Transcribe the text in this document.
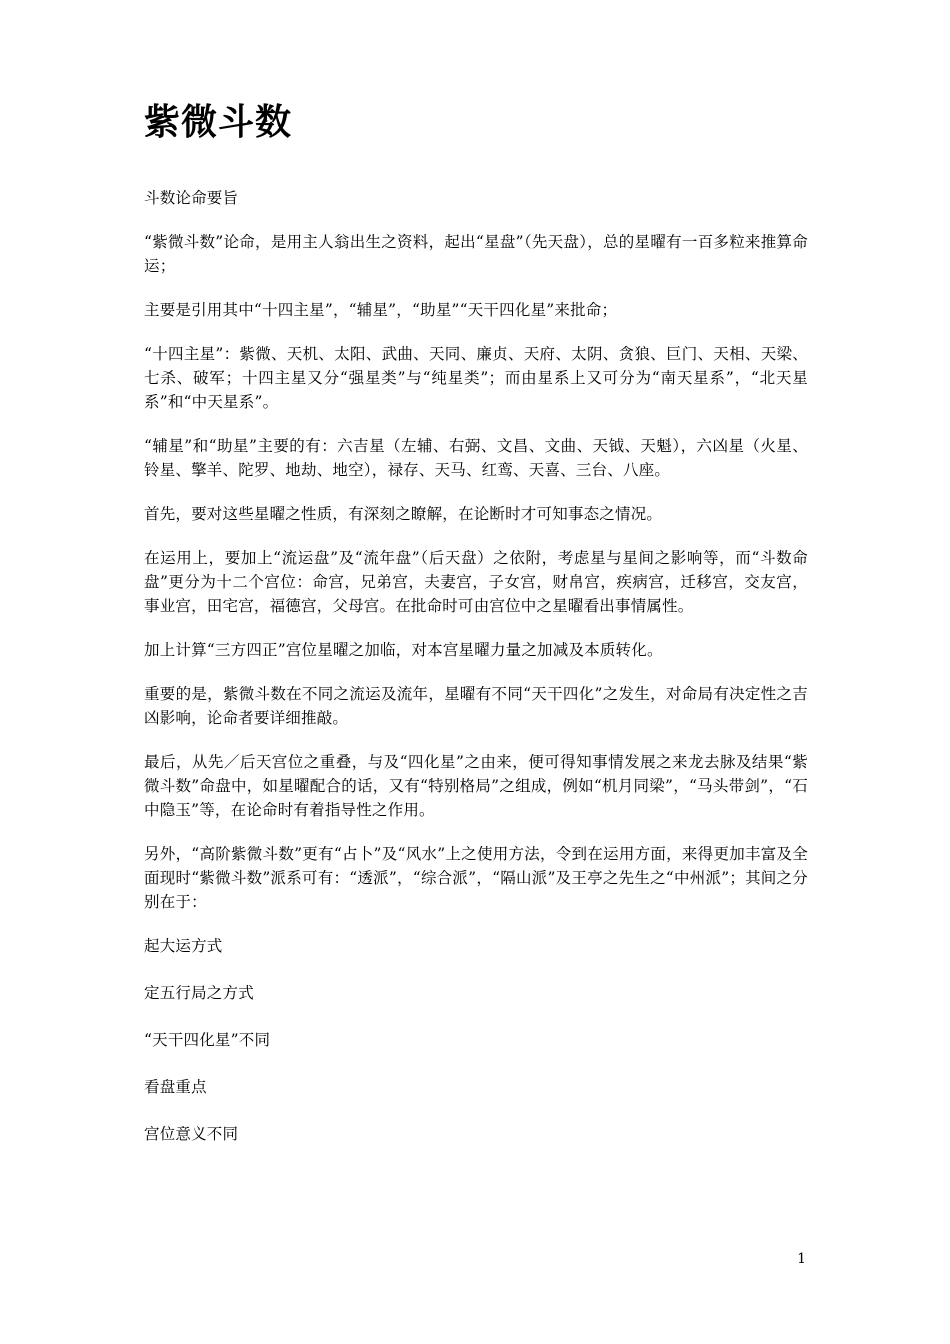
紫微斗数

斗数论命要旨

“紫微斗数”论命，是用主人翁出生之资料，起出“星盘”（先天盘），总的星曜有一百多粒来推算命运；

主要是引用其中“十四主星”，“辅星”，“助星”“天干四化星”来批命；

“十四主星”：紫微、天机、太阳、武曲、天同、廉贞、天府、太阴、贪狼、巨门、天相、天梁、七杀、破军；十四主星又分“强星类”与“纯星类”；而由星系上又可分为“南天星系”，“北天星系”和“中天星系”。

“辅星”和“助星”主要的有：六吉星（左辅、右弼、文昌、文曲、天钺、天魁），六凶星（火星、铃星、擎羊、陀罗、地劫、地空），禄存、天马、红鸾、天喜、三台、八座。

首先，要对这些星曜之性质，有深刻之瞭解，在论断时才可知事态之情况。

在运用上，要加上“流运盘”及“流年盘”（后天盘）之依附，考虑星与星间之影响等，而“斗数命盘”更分为十二个宫位：命宫，兄弟宫，夫妻宫，子女宫，财帛宫，疾病宫，迁移宫，交友宫，事业宫，田宅宫，福德宫，父母宫。在批命时可由宫位中之星曜看出事情属性。

加上计算“三方四正”宫位星曜之加临，对本宫星曜力量之加减及本质转化。

重要的是，紫微斗数在不同之流运及流年，星曜有不同“天干四化”之发生，对命局有决定性之吉凶影响，论命者要详细推敲。

最后，从先／后天宫位之重叠，与及“四化星”之由来，便可得知事情发展之来龙去脉及结果“紫微斗数”命盘中，如星曜配合的话，又有“特别格局”之组成，例如“机月同梁”，“马头带剑”，“石中隐玉”等，在论命时有着指导性之作用。

另外，“高阶紫微斗数”更有“占卜”及“风水”上之使用方法，令到在运用方面，来得更加丰富及全面现时“紫微斗数”派系可有：“透派”，“综合派”，“隔山派”及王亭之先生之“中州派”；其间之分别在于：

起大运方式

定五行局之方式

“天干四化星”不同

看盘重点

宫位意义不同

1
